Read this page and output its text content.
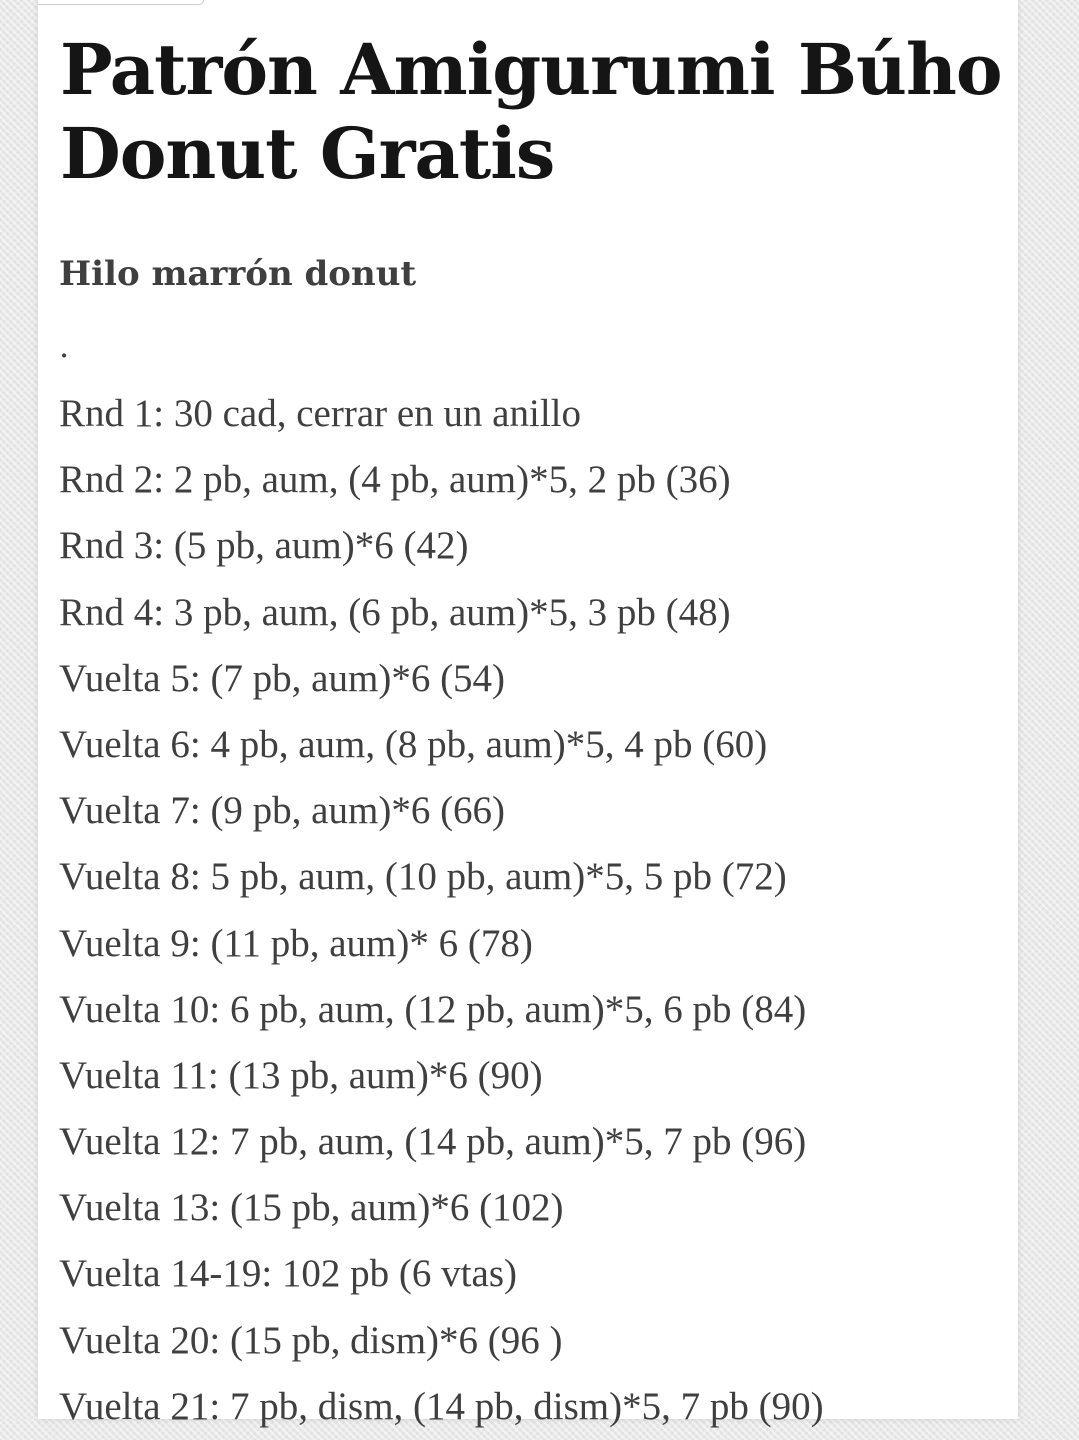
Patrón Amigurumi Búho Donut Gratis
Hilo marrón donut

.

Rnd 1: 30 cad, cerrar en un anillo
Rnd 2: 2 pb, aum, (4 pb, aum)*5, 2 pb (36)
Rnd 3: (5 pb, aum)*6 (42)
Rnd 4: 3 pb, aum, (6 pb, aum)*5, 3 pb (48)
Vuelta 5: (7 pb, aum)*6 (54)
Vuelta 6: 4 pb, aum, (8 pb, aum)*5, 4 pb (60)
Vuelta 7: (9 pb, aum)*6 (66)
Vuelta 8: 5 pb, aum, (10 pb, aum)*5, 5 pb (72)
Vuelta 9: (11 pb, aum)* 6 (78)
Vuelta 10: 6 pb, aum, (12 pb, aum)*5, 6 pb (84)
Vuelta 11: (13 pb, aum)*6 (90)
Vuelta 12: 7 pb, aum, (14 pb, aum)*5, 7 pb (96)
Vuelta 13: (15 pb, aum)*6 (102)
Vuelta 14-19: 102 pb (6 vtas)
Vuelta 20: (15 pb, dism)*6 (96 )
Vuelta 21: 7 pb, dism, (14 pb, dism)*5, 7 pb (90)
